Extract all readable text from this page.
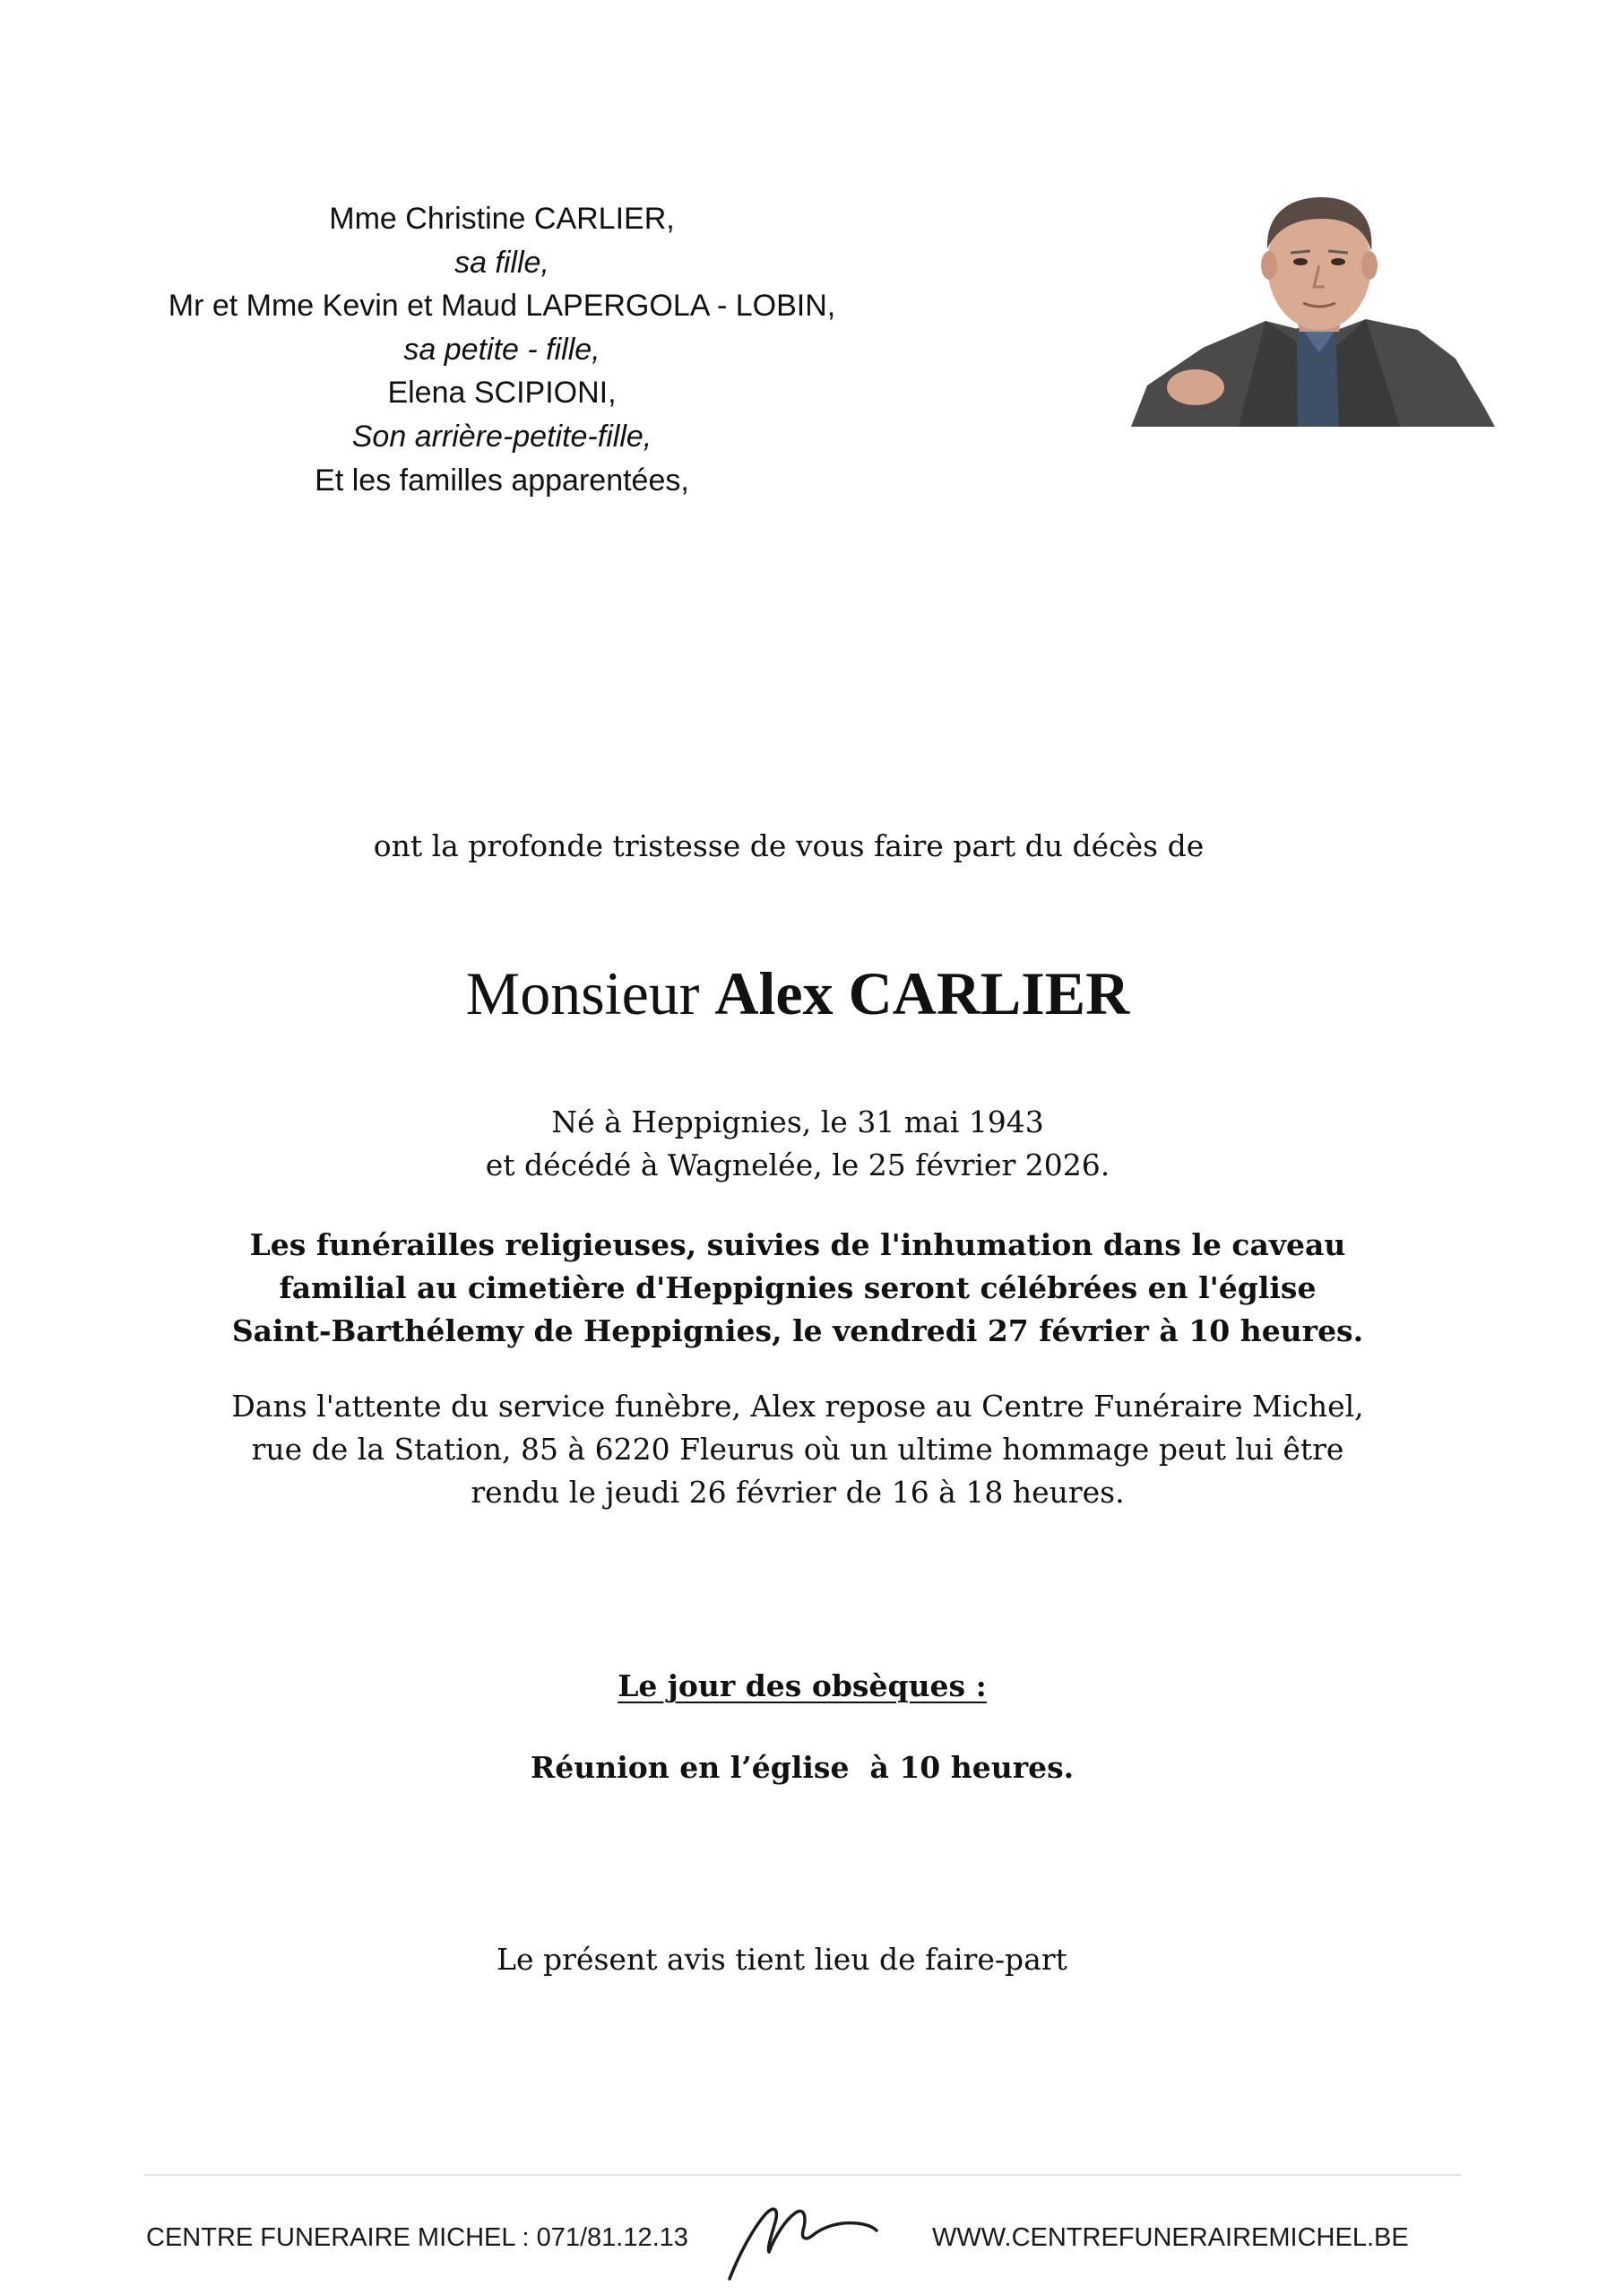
Mme Christine CARLIER,
sa fille,
Mr et Mme Kevin et Maud LAPERGOLA - LOBIN,
sa petite - fille,
Elena SCIPIONI,
Son arrière-petite-fille,
Et les familles apparentées,
ont la profonde tristesse de vous faire part du décès de
Monsieur Alex CARLIER
Né à Heppignies, le 31 mai 1943
et décédé à Wagnelée, le 25 février 2026.
Les funérailles religieuses, suivies de l'inhumation dans le caveau
familial au cimetière d'Heppignies seront célébrées en l'église
Saint-Barthélemy de Heppignies, le vendredi 27 février à 10 heures.
Dans l'attente du service funèbre, Alex repose au Centre Funéraire Michel,
rue de la Station, 85 à 6220 Fleurus où un ultime hommage peut lui être
rendu le jeudi 26 février de 16 à 18 heures.
Le jour des obsèques :
Réunion en l’église  à 10 heures.
Le présent avis tient lieu de faire-part
CENTRE FUNERAIRE MICHEL : 071/81.12.13	WWW.CENTREFUNERAIREMICHEL.BE
